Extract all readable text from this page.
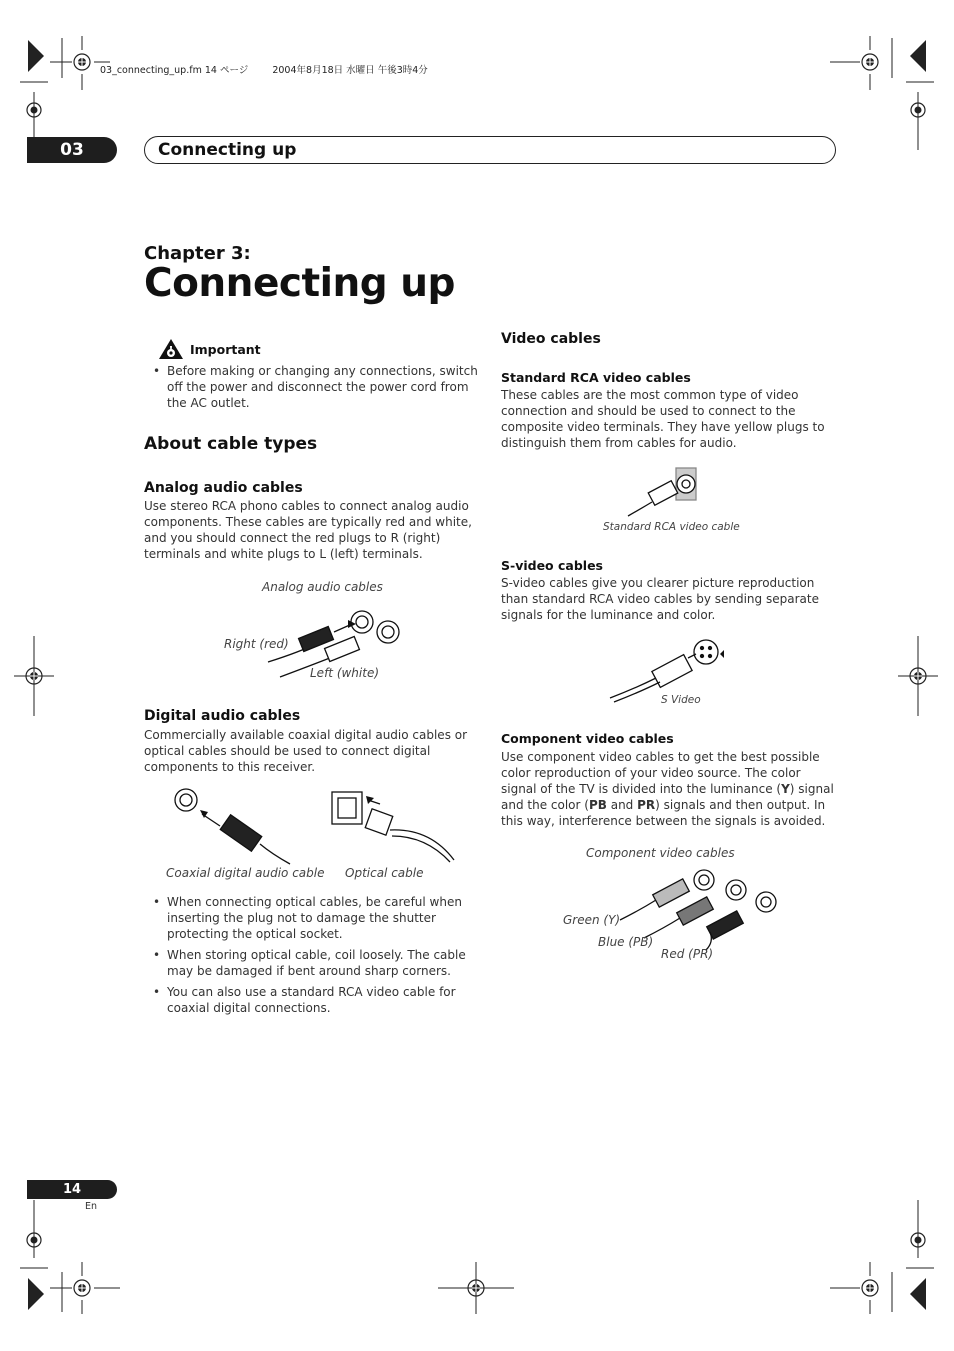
03_connecting_up.fm 14 ページ	2004年8月18日 水曜日 午後3時4分
03	Connecting up
Chapter 3:
Connecting up
Important
• Before making or changing any connections, switch off the power and disconnect the power cord from the AC outlet.
About cable types
Analog audio cables
Use stereo RCA phono cables to connect analog audio components. These cables are typically red and white, and you should connect the red plugs to R (right) terminals and white plugs to L (left) terminals.
Analog audio cables
Right (red)
Left (white)
Digital audio cables
Commercially available coaxial digital audio cables or optical cables should be used to connect digital components to this receiver.
Coaxial digital audio cable Optical cable
• When connecting optical cables, be careful when inserting the plug not to damage the shutter protecting the optical socket.
• When storing optical cable, coil loosely. The cable may be damaged if bent around sharp corners.
• You can also use a standard RCA video cable for coaxial digital connections.
Video cables
Standard RCA video cables
These cables are the most common type of video connection and should be used to connect to the composite video terminals. They have yellow plugs to distinguish them from cables for audio.
Standard RCA video cable
S-video cables
S-video cables give you clearer picture reproduction than standard RCA video cables by sending separate signals for the luminance and color.
S Video
Component video cables
Use component video cables to get the best possible color reproduction of your video source. The color signal of the TV is divided into the luminance (Y) signal and the color (PB and PR) signals and then output. In this way, interference between the signals is avoided.
Component video cables
Green (Y)
Blue (PB)
Red (PR)
14
En
